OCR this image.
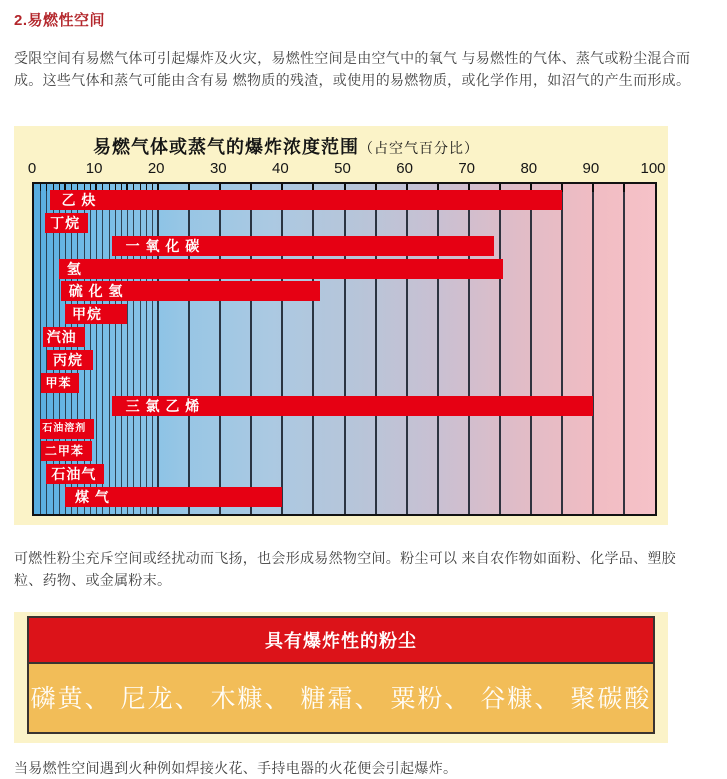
2.易燃性空间

受限空间有易燃气体可引起爆炸及火灾，易燃性空间是由空气中的氧气 与易燃性的气体、蒸气或粉尘混合而成。这些气体和蒸气可能由含有易 燃物质的残渣，或使用的易燃物质，或化学作用，如沼气的产生而形成。

易燃气体或蒸气的爆炸浓度范围（占空气百分比）
0	10	20	30	40	50	60	70	80	90	100
乙 炔
丁烷
一 氧 化 碳
氢
硫 化 氢
甲烷
汽油
丙烷
甲苯
三 氯 乙 烯
石油溶剂
二甲苯
石油气
煤 气

可燃性粉尘充斥空间或经扰动而飞扬，也会形成易然物空间。粉尘可以 来自农作物如面粉、化学品、塑胶粒、药物、或金属粉末。

具有爆炸性的粉尘
磷黄、 尼龙、 木糠、 糖霜、 粟粉、 谷糠、 聚碳酸

当易燃性空间遇到火种例如焊接火花、手持电器的火花便会引起爆炸。
